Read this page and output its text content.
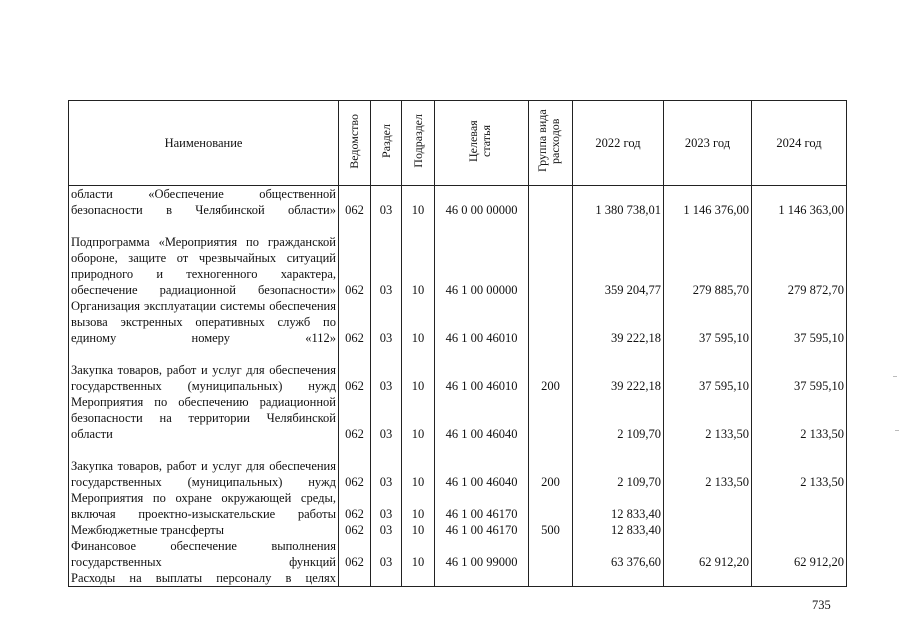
Наименование	Ведомство	Раздел	Подраздел	Целевая статья	Группа вида расходов	2022 год	2023 год	2024 год
области «Обеспечение общественной безопасности в Челябинской области»	062	03	10	46 0 00 00000		1 380 738,01	1 146 376,00	1 146 363,00
Подпрограмма «Мероприятия по гражданской обороне, защите от чрезвычайных ситуаций природного и техногенного характера, обеспечение радиационной безопасности»	062	03	10	46 1 00 00000		359 204,77	279 885,70	279 872,70
Организация эксплуатации системы обеспечения вызова экстренных оперативных служб по единому номеру «112»	062	03	10	46 1 00 46010		39 222,18	37 595,10	37 595,10
Закупка товаров, работ и услуг для обеспечения государственных (муниципальных) нужд	062	03	10	46 1 00 46010	200	39 222,18	37 595,10	37 595,10
Мероприятия по обеспечению радиационной безопасности на территории Челябинской области	062	03	10	46 1 00 46040		2 109,70	2 133,50	2 133,50
Закупка товаров, работ и услуг для обеспечения государственных (муниципальных) нужд	062	03	10	46 1 00 46040	200	2 109,70	2 133,50	2 133,50
Мероприятия по охране окружающей среды, включая проектно-изыскательские работы	062	03	10	46 1 00 46170		12 833,40		
Межбюджетные трансферты	062	03	10	46 1 00 46170	500	12 833,40		
Финансовое обеспечение выполнения государственных функций	062	03	10	46 1 00 99000		63 376,60	62 912,20	62 912,20
Расходы на выплаты персоналу в целях								
735
